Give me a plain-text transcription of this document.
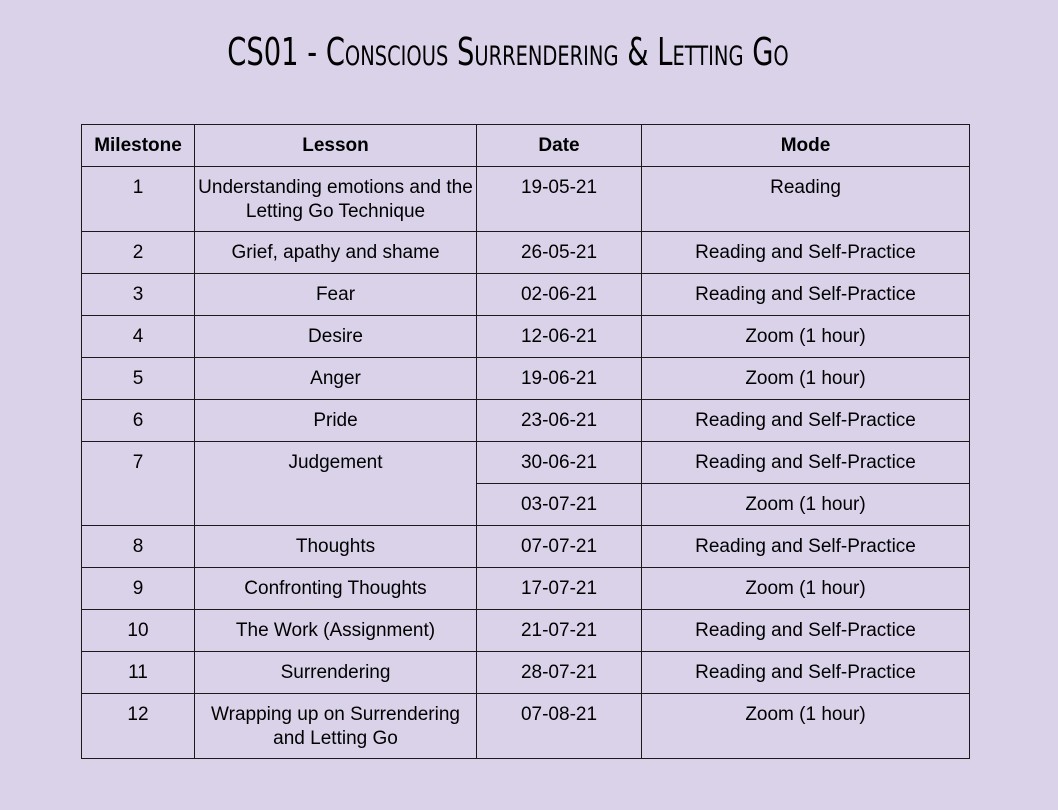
CS01 - Conscious Surrendering & Letting Go
Milestone	Lesson	Date	Mode
1	Understanding emotions and the Letting Go Technique	19-05-21	Reading
2	Grief, apathy and shame	26-05-21	Reading and Self-Practice
3	Fear	02-06-21	Reading and Self-Practice
4	Desire	12-06-21	Zoom (1 hour)
5	Anger	19-06-21	Zoom (1 hour)
6	Pride	23-06-21	Reading and Self-Practice
7	Judgement	30-06-21	Reading and Self-Practice
		03-07-21	Zoom (1 hour)
8	Thoughts	07-07-21	Reading and Self-Practice
9	Confronting Thoughts	17-07-21	Zoom (1 hour)
10	The Work (Assignment)	21-07-21	Reading and Self-Practice
11	Surrendering	28-07-21	Reading and Self-Practice
12	Wrapping up on Surrendering and Letting Go	07-08-21	Zoom (1 hour)
